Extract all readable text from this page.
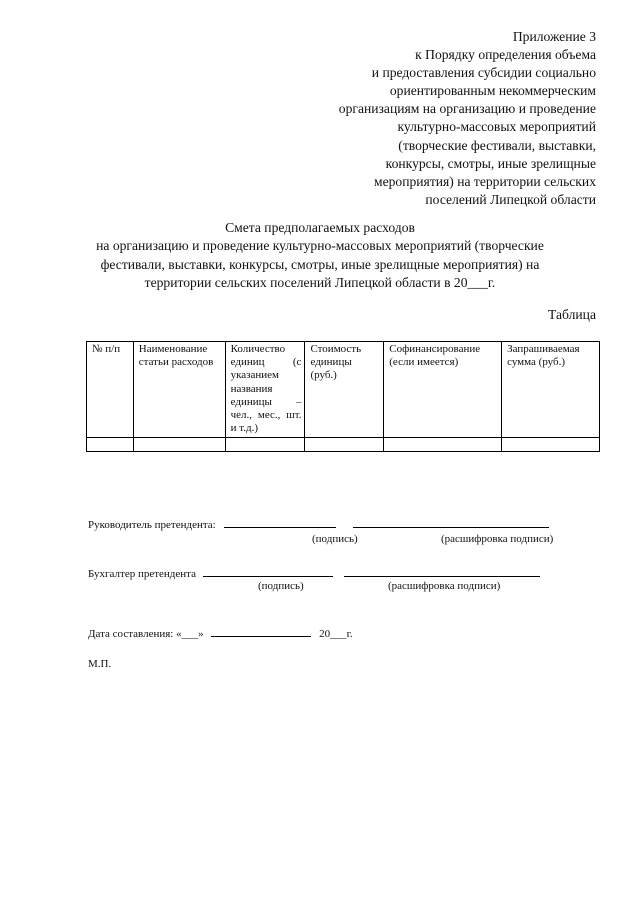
Приложение 3
к Порядку определения объема
и предоставления субсидии социально
ориентированным некоммерческим
организациям на организацию и проведение
культурно-массовых мероприятий
(творческие фестивали, выставки,
конкурсы, смотры, иные зрелищные
мероприятия) на территории сельских
поселений Липецкой области
Смета предполагаемых расходов
на организацию и проведение культурно-массовых мероприятий (творческие
фестивали, выставки, конкурсы, смотры, иные зрелищные мероприятия) на
территории сельских поселений Липецкой области в 20___г.
Таблица
№ п/п	Наименование статьи расходов	Количество единиц (с указанием названия единицы – чел., мес., шт. и т.д.)	Стоимость единицы (руб.)	Софинансирование (если имеется)	Запрашиваемая сумма (руб.)

Руководитель претендента:
(подпись)	(расшифровка подписи)
Бухгалтер претендента
(подпись)	(расшифровка подписи)
Дата составления: «___»	20___г.
М.П.
